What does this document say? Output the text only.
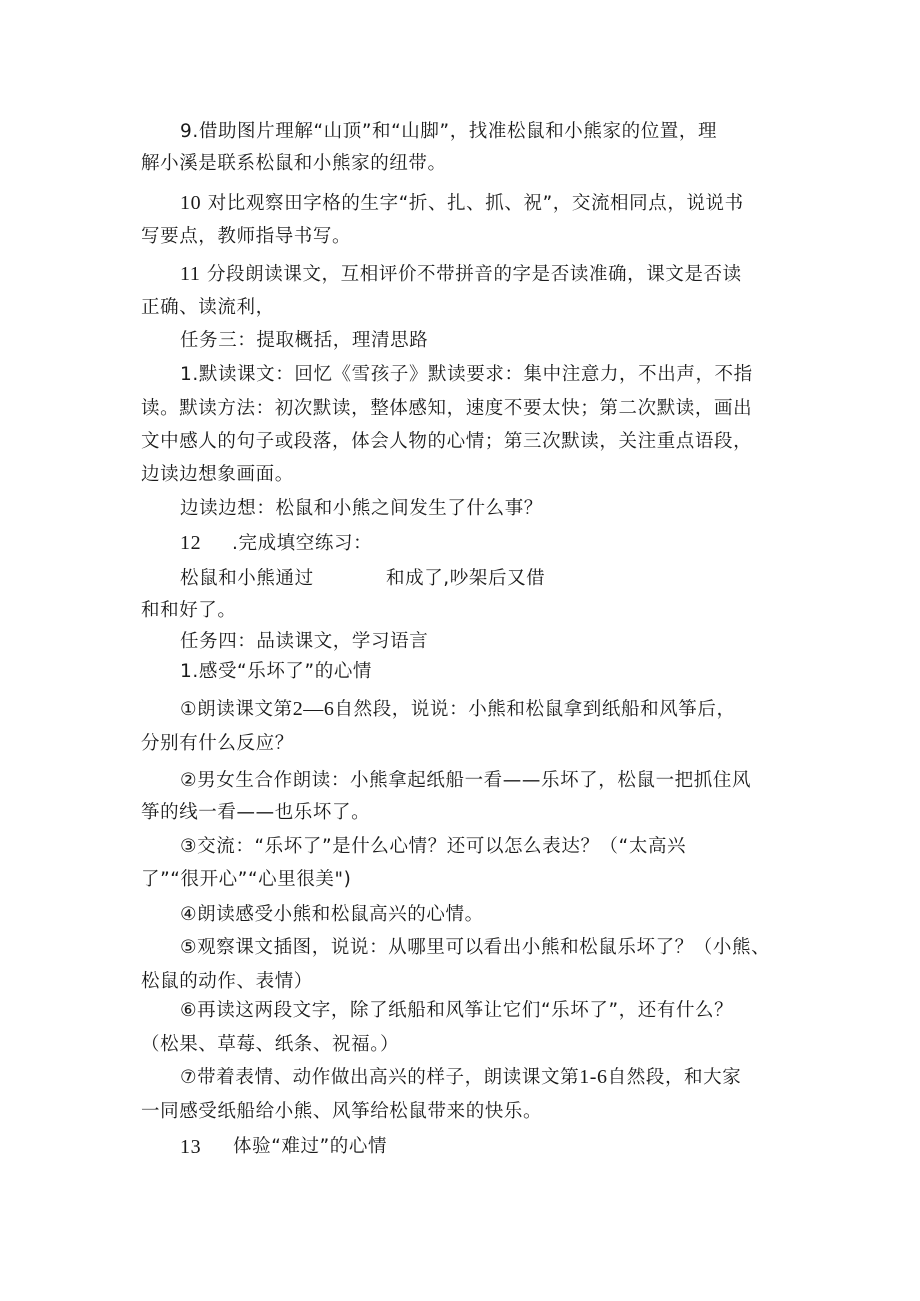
9.借助图片理解“山顶”和“山脚”，找准松鼠和小熊家的位置，理
解小溪是联系松鼠和小熊家的纽带。
10 对比观察田字格的生字“折、扎、抓、祝”，交流相同点，说说书
写要点，教师指导书写。
11 分段朗读课文，互相评价不带拼音的字是否读准确，课文是否读
正确、读流利，
任务三：提取概括，理清思路
1.默读课文：回忆《雪孩子》默读要求：集中注意力，不出声，不指
读。默读方法：初次默读，整体感知，速度不要太快；第二次默读，画出
文中感人的句子或段落，体会人物的心情；第三次默读，关注重点语段，
边读边想象画面。
边读边想：松鼠和小熊之间发生了什么事？
12 .完成填空练习：
松鼠和小熊通过	和成了,吵架后又借
和和好了。
任务四：品读课文，学习语言
1.感受“乐坏了”的心情
①朗读课文第2—6自然段，说说：小熊和松鼠拿到纸船和风筝后，
分别有什么反应？
②男女生合作朗读：小熊拿起纸船一看——乐坏了，松鼠一把抓住风
筝的线一看——也乐坏了。
③交流：“乐坏了”是什么心情？还可以怎么表达？（“太高兴
了”“很开心”“心里很美")
④朗读感受小熊和松鼠高兴的心情。
⑤观察课文插图，说说：从哪里可以看出小熊和松鼠乐坏了？（小熊、
松鼠的动作、表情）
⑥再读这两段文字，除了纸船和风筝让它们“乐坏了”，还有什么？
（松果、草莓、纸条、祝福。）
⑦带着表情、动作做出高兴的样子，朗读课文第1-6自然段，和大家
一同感受纸船给小熊、风筝给松鼠带来的快乐。
13 体验“难过”的心情
